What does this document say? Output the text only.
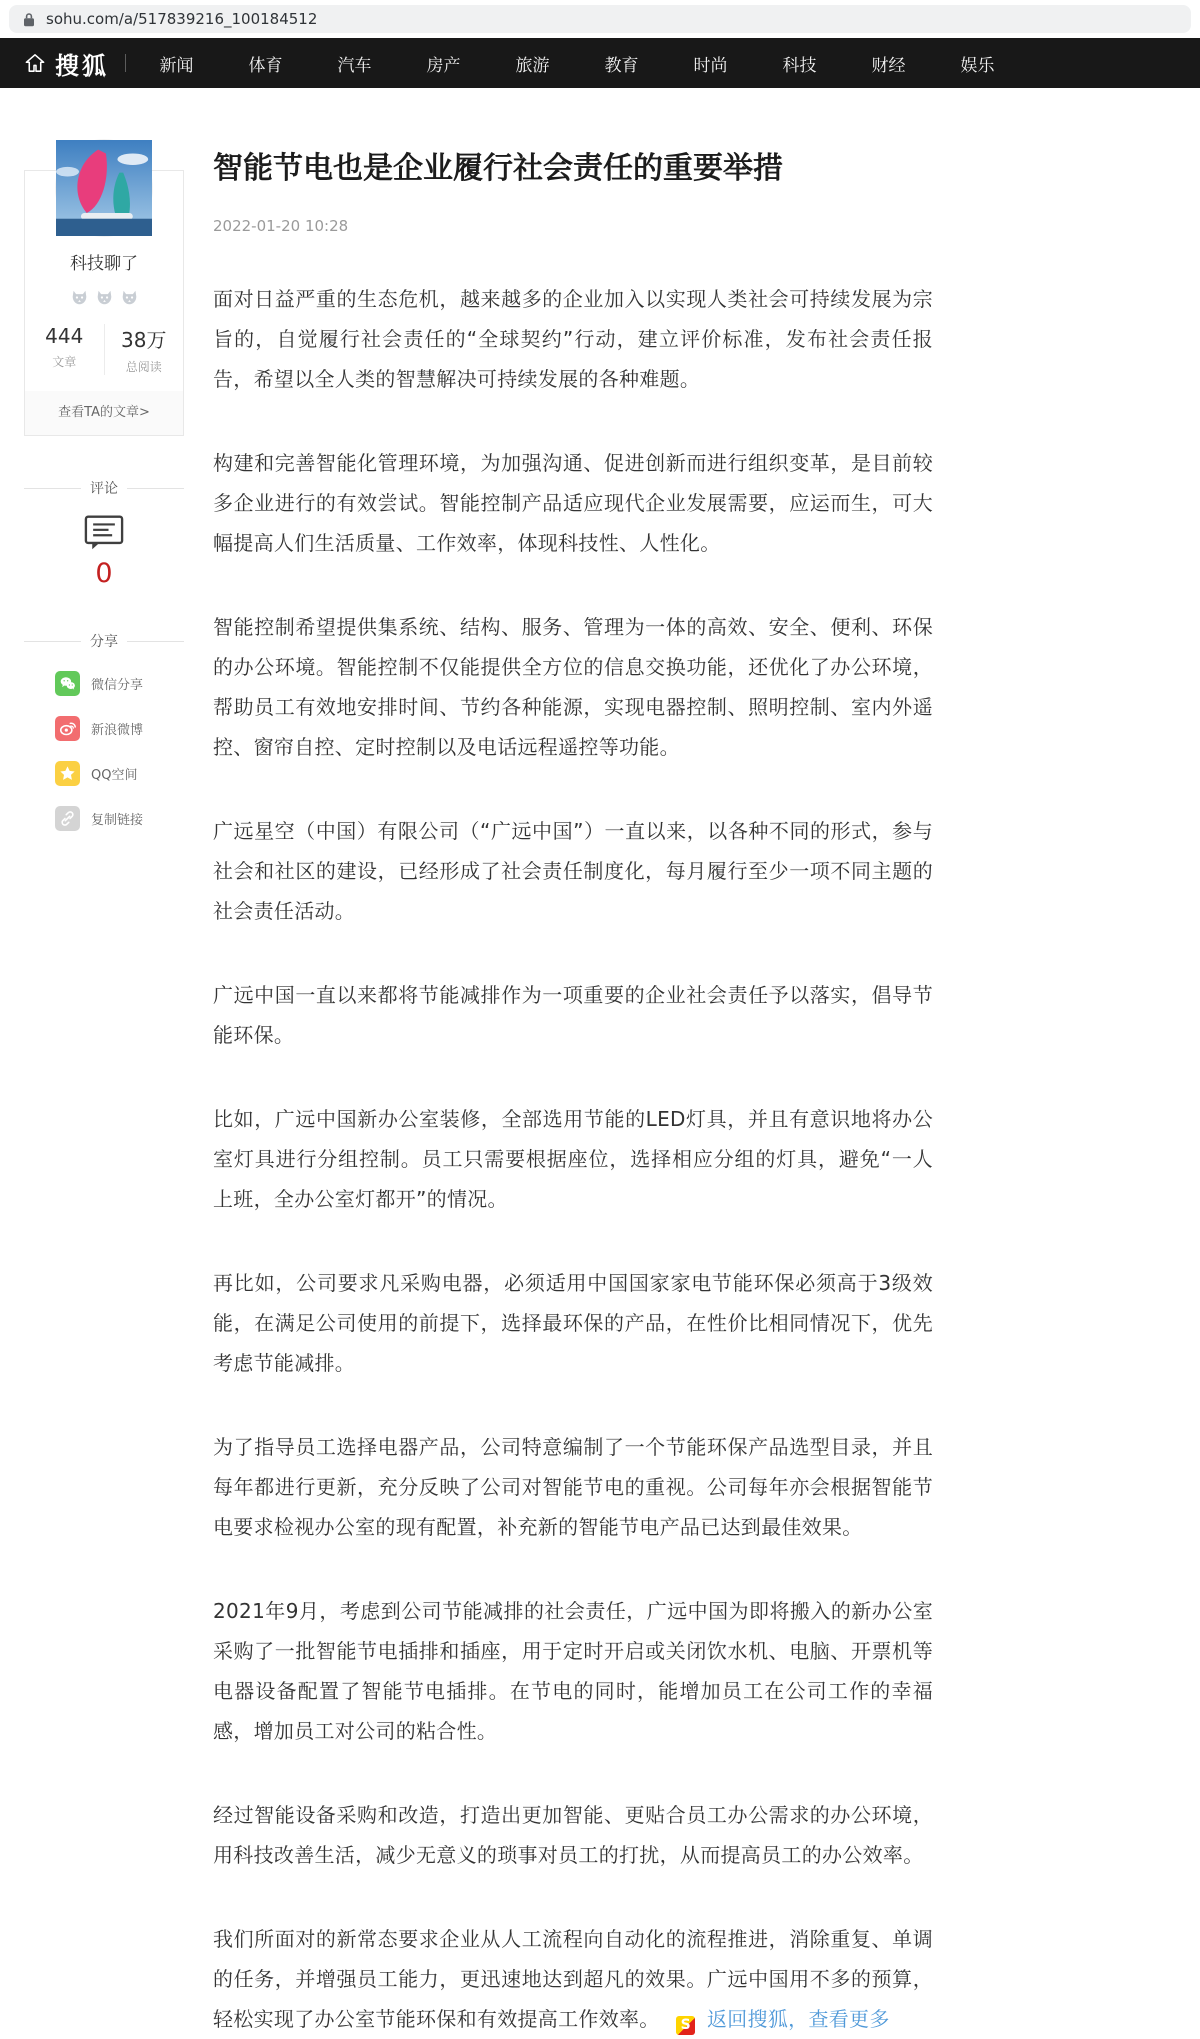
sohu.com/a/517839216_100184512
搜狐	新闻	体育	汽车	房产	旅游	教育	时尚	科技	财经	娱乐
科技聊了
444
文章
38万
总阅读
查看TA的文章>
评论
0
分享
微信分享
新浪微博
QQ空间
复制链接
智能节电也是企业履行社会责任的重要举措
2022-01-20 10:28

面对日益严重的生态危机，越来越多的企业加入以实现人类社会可持续发展为宗旨的，自觉履行社会责任的“全球契约”行动，建立评价标准，发布社会责任报告，希望以全人类的智慧解决可持续发展的各种难题。

构建和完善智能化管理环境，为加强沟通、促进创新而进行组织变革，是目前较多企业进行的有效尝试。智能控制产品适应现代企业发展需要，应运而生，可大幅提高人们生活质量、工作效率，体现科技性、人性化。

智能控制希望提供集系统、结构、服务、管理为一体的高效、安全、便利、环保的办公环境。智能控制不仅能提供全方位的信息交换功能，还优化了办公环境，帮助员工有效地安排时间、节约各种能源，实现电器控制、照明控制、室内外遥控、窗帘自控、定时控制以及电话远程遥控等功能。

广远星空（中国）有限公司（“广远中国”）一直以来，以各种不同的形式，参与社会和社区的建设，已经形成了社会责任制度化，每月履行至少一项不同主题的社会责任活动。

广远中国一直以来都将节能减排作为一项重要的企业社会责任予以落实，倡导节能环保。

比如，广远中国新办公室装修，全部选用节能的LED灯具，并且有意识地将办公室灯具进行分组控制。员工只需要根据座位，选择相应分组的灯具，避免“一人上班，全办公室灯都开”的情况。

再比如，公司要求凡采购电器，必须适用中国国家家电节能环保必须高于3级效能，在满足公司使用的前提下，选择最环保的产品，在性价比相同情况下，优先考虑节能减排。

为了指导员工选择电器产品，公司特意编制了一个节能环保产品选型目录，并且每年都进行更新，充分反映了公司对智能节电的重视。公司每年亦会根据智能节电要求检视办公室的现有配置，补充新的智能节电产品已达到最佳效果。

2021年9月，考虑到公司节能减排的社会责任，广远中国为即将搬入的新办公室采购了一批智能节电插排和插座，用于定时开启或关闭饮水机、电脑、开票机等电器设备配置了智能节电插排。在节电的同时，能增加员工在公司工作的幸福感，增加员工对公司的粘合性。

经过智能设备采购和改造，打造出更加智能、更贴合员工办公需求的办公环境，用科技改善生活，减少无意义的琐事对员工的打扰，从而提高员工的办公效率。

我们所面对的新常态要求企业从人工流程向自动化的流程推进，消除重复、单调的任务，并增强员工能力，更迅速地达到超凡的效果。广远中国用不多的预算，轻松实现了办公室节能环保和有效提高工作效率。 S 返回搜狐，查看更多
